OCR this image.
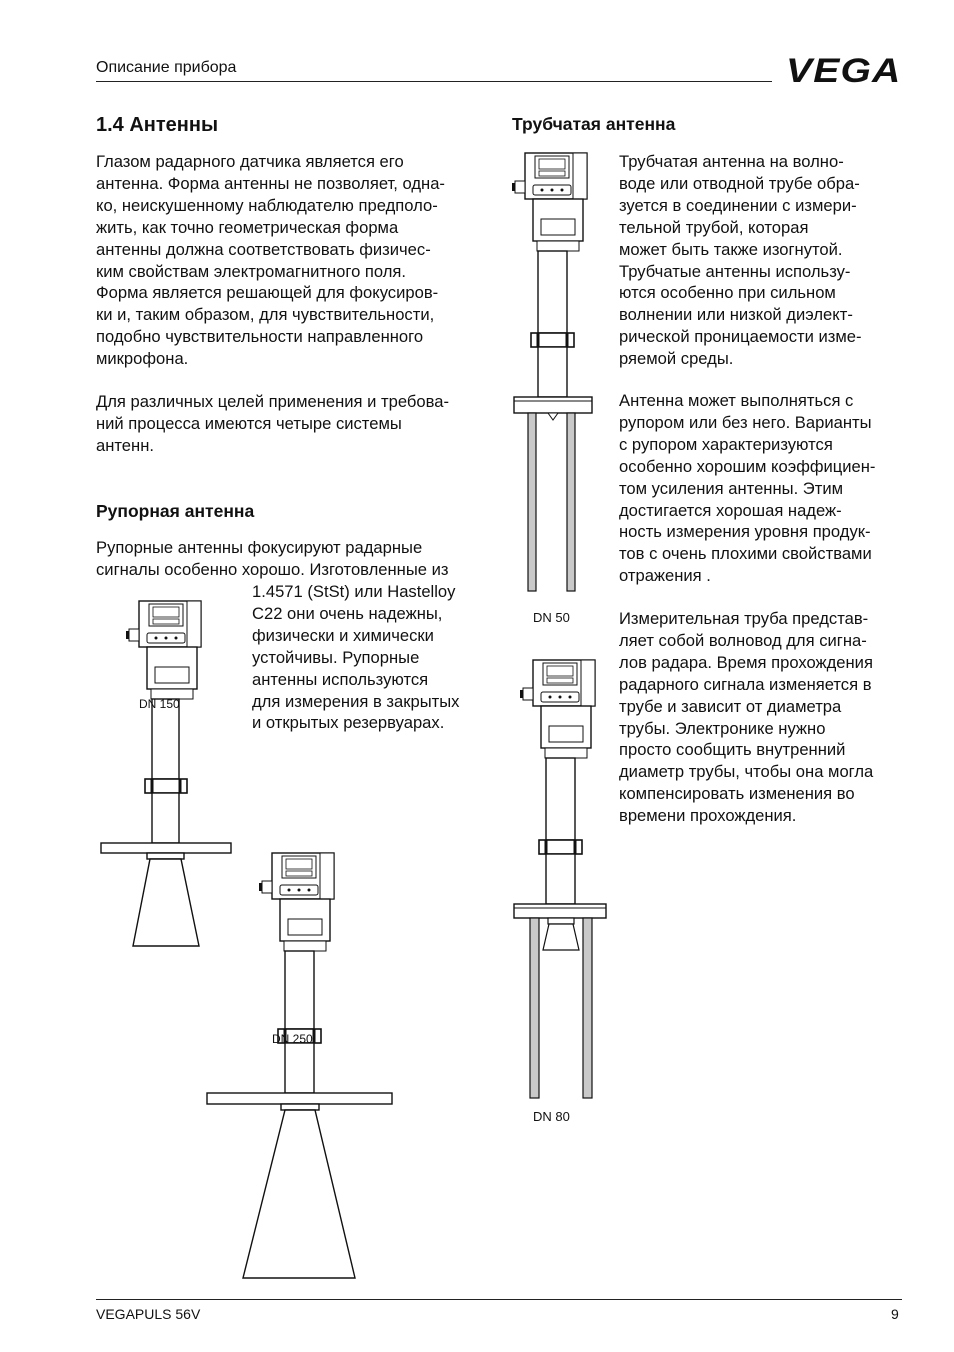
Описание прибора	VEGA
1.4 Антенны
Глазом радарного датчика является его
антенна. Форма антенны не позволяет, одна-
ко, неискушенному наблюдателю предполо-
жить, как точно геометрическая форма
антенны должна соответствовать физичес-
ким свойствам электромагнитного поля.
Форма является решающей для фокусиров-
ки и, таким образом, для чувствительности,
подобно чувствительности направленного
микрофона.
Для различных целей применения и требова-
ний процесса имеются четыре системы
антенн.
Рупорная антенна
Рупорные антенны фокусируют радарные
сигналы особенно хорошо. Изготовленные из
1.4571 (StSt) или Hastelloy
C22 они очень надежны,
физически и химически
устойчивы. Рупорные
антенны используются
для измерения в закрытых
и открытых резервуарах.
Трубчатая антенна
Трубчатая антенна на волно-
воде или отводной трубе обра-
зуется в соединении с измери-
тельной трубой, которая
может быть также изогнутой.
Трубчатые антенны использу-
ются особенно при сильном
волнении или низкой диэлект-
рической проницаемости изме-
ряемой среды.
Антенна может выполняться с
рупором или без него. Варианты
с рупором характеризуются
особенно хорошим коэффициен-
том усиления антенны. Этим
достигается хорошая надеж-
ность измерения уровня продук-
тов с очень плохими свойствами
отражения .
Измерительная труба представ-
ляет собой волновод для сигна-
лов радара. Время прохождения
радарного сигнала изменяется в
трубе и зависит от диаметра
трубы. Электронике нужно
просто сообщить внутренний
диаметр трубы, чтобы она могла
компенсировать изменения во
времени прохождения.
DN 50
DN 80
DN 150
DN 250
VEGAPULS 56V	9
